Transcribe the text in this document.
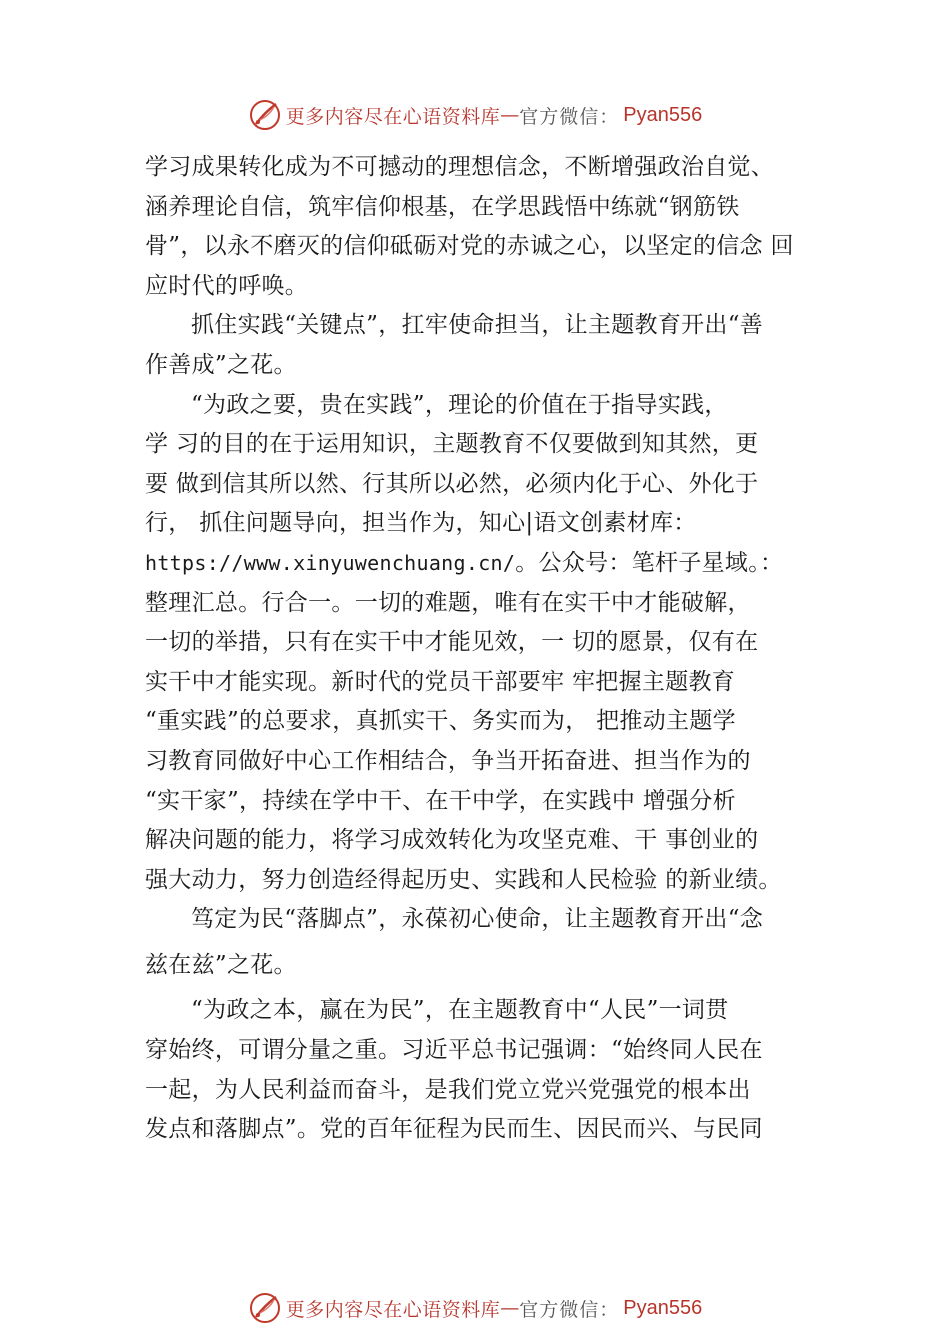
更多内容尽在心语资料库 — 官方微信： Pyan556
学习成果转化成为不可撼动的理想信念，不断增强政治自觉、
涵养理论自信，筑牢信仰根基，在学思践悟中练就“钢筋铁
骨”，以永不磨灭的信仰砥砺对党的赤诚之心，以坚定的信念 回
应时代的呼唤。
抓住实践“关键点”，扛牢使命担当，让主题教育开出“善
作善成”之花。
“为政之要，贵在实践”，理论的价值在于指导实践，
学 习的目的在于运用知识，主题教育不仅要做到知其然，更
要 做到信其所以然、行其所以必然，必须内化于心、外化于
行， 抓住问题导向，担当作为，知心|语文创素材库：
https://www.xinyuwenchuang.cn/。公众号：笔杆子星域。：
整理汇总。行合一。一切的难题，唯有在实干中才能破解，
一切的举措，只有在实干中才能见效，一 切的愿景，仅有在
实干中才能实现。新时代的党员干部要牢 牢把握主题教育
“重实践”的总要求，真抓实干、务实而为， 把推动主题学
习教育同做好中心工作相结合，争当开拓奋进、担当作为的
“实干家”，持续在学中干、在干中学，在实践中 增强分析
解决问题的能力，将学习成效转化为攻坚克难、干 事创业的
强大动力，努力创造经得起历史、实践和人民检验 的新业绩。
笃定为民“落脚点”，永葆初心使命，让主题教育开出“念
兹在兹”之花。
“为政之本，赢在为民”，在主题教育中“人民”一词贯
穿始终，可谓分量之重。习近平总书记强调：“始终同人民在
一起，为人民利益而奋斗，是我们党立党兴党强党的根本出
发点和落脚点”。党的百年征程为民而生、因民而兴、与民同
更多内容尽在心语资料库 — 官方微信： Pyan556
